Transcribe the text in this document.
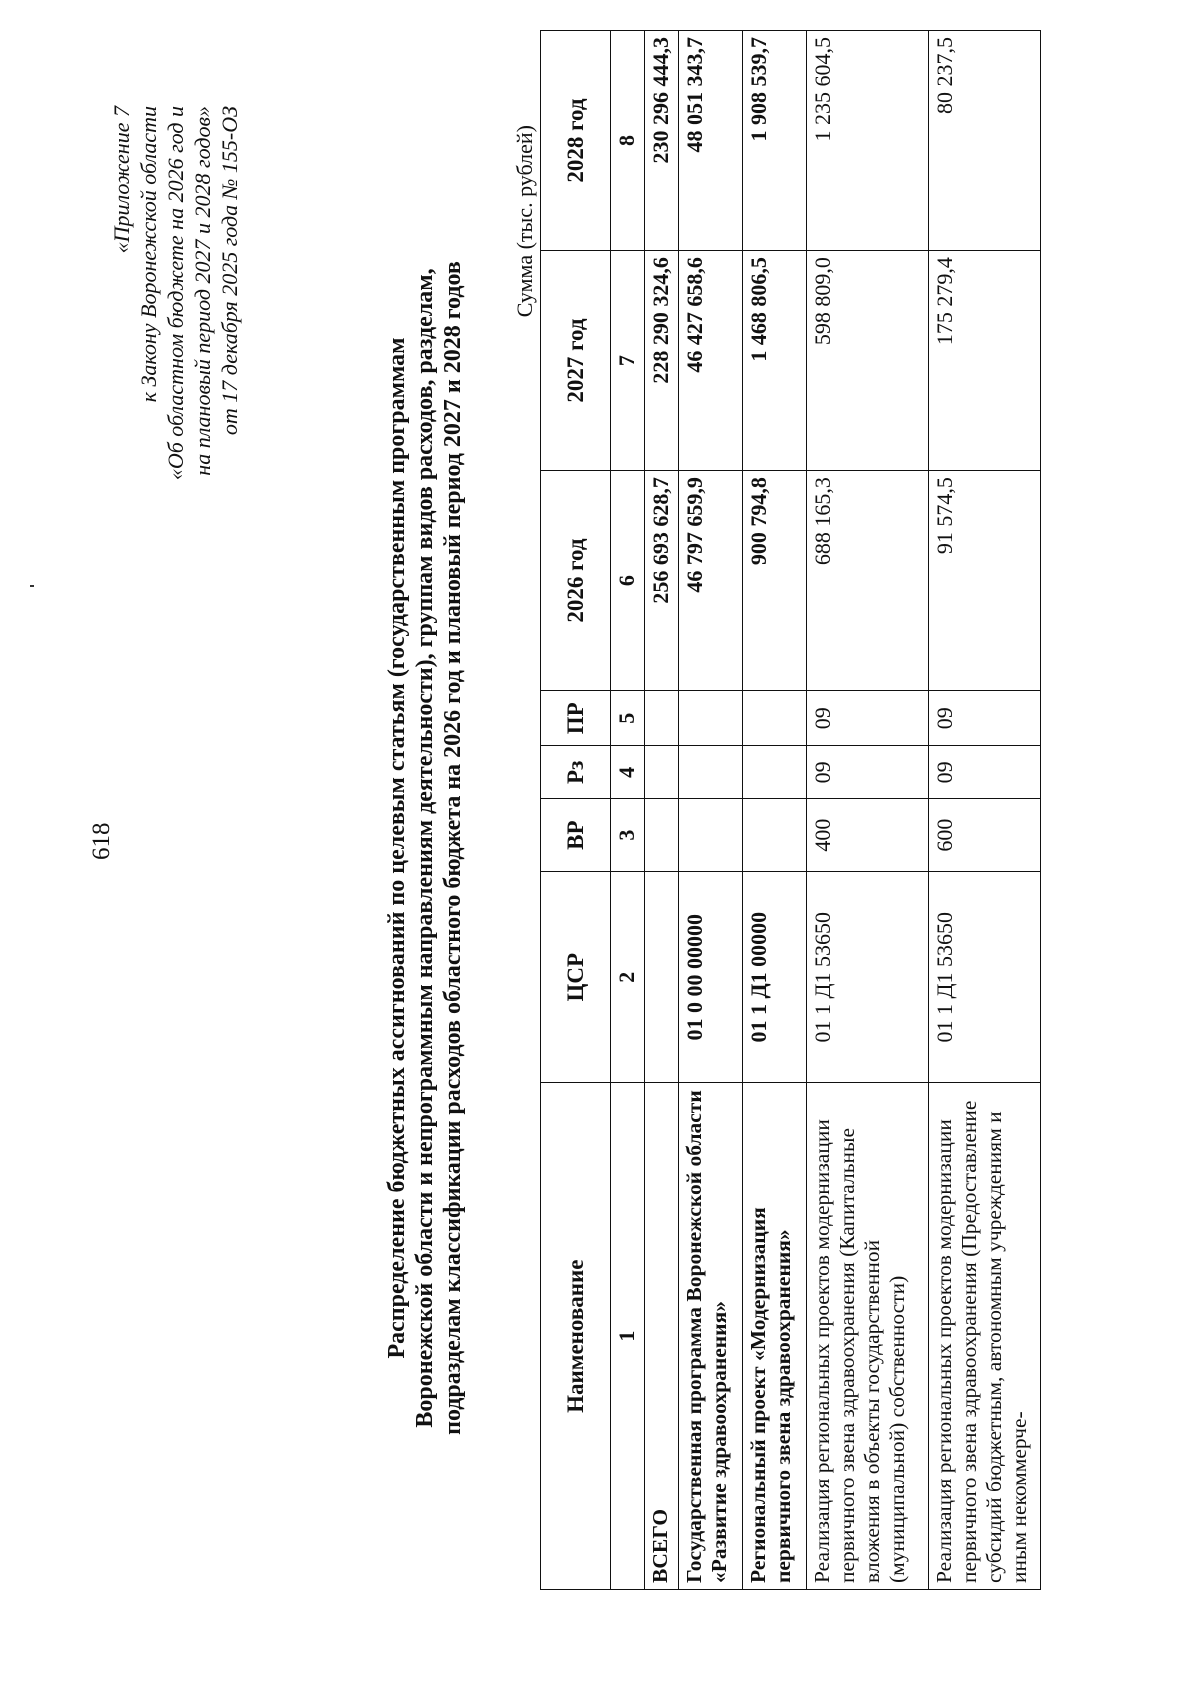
618
«Приложение 7 к Закону Воронежской области «Об областном бюджете на 2026 год и на плановый период 2027 и 2028 годов» от 17 декабря 2025 года № 155-ОЗ
Распределение бюджетных ассигнований по целевым статьям (государственным программам Воронежской области и непрограммным направлениям деятельности), группам видов расходов, разделам, подразделам классификации расходов областного бюджета на 2026 год и плановый период 2027 и 2028 годов
Сумма (тыс. рублей)
Наименование	ЦСР	ВР	Рз	ПР	2026 год	2027 год	2028 год
1	2	3	4	5	6	7	8
ВСЕГО					256 693 628,7	228 290 324,6	230 296 444,3
Государственная программа Воронежской области «Развитие здравоохранения»	01 0 00 00000				46 797 659,9	46 427 658,6	48 051 343,7
Региональный проект «Модернизация первичного звена здравоохранения»	01 1 Д1 00000				900 794,8	1 468 806,5	1 908 539,7
Реализация региональных проектов модернизации первичного звена здравоохранения (Капитальные вложения в объекты государственной (муниципальной) собственности)	01 1 Д1 53650	400	09	09	688 165,3	598 809,0	1 235 604,5
Реализация региональных проектов модернизации первичного звена здравоохранения (Предоставление субсидий бюджетным, автономным учреждениям и иным некоммерче-	01 1 Д1 53650	600	09	09	91 574,5	175 279,4	80 237,5
